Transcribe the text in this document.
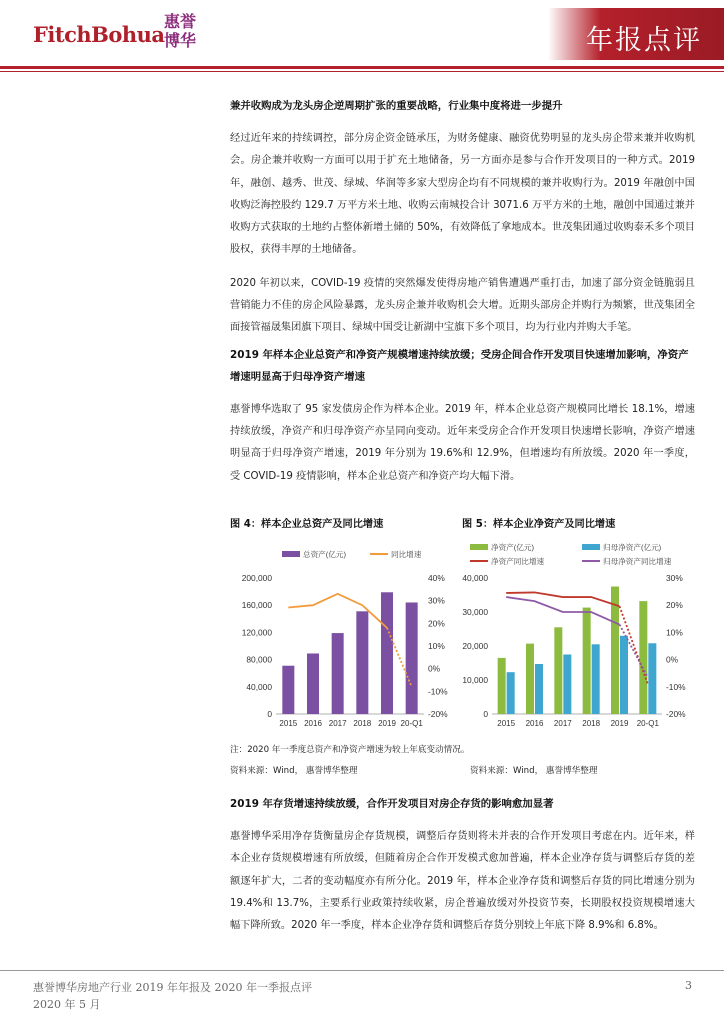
FitchBohua
惠誉
博华	年报点评
兼并收购成为龙头房企逆周期扩张的重要战略，行业集中度将进一步提升

经过近年来的持续调控，部分房企资金链承压，为财务健康、融资优势明显的龙头房企带来兼并收购机会。房企兼并收购一方面可以用于扩充土地储备，另一方面亦是参与合作开发项目的一种方式。2019 年，融创、越秀、世茂、绿城、华润等多家大型房企均有不同规模的兼并收购行为。2019 年融创中国收购泛海控股约 129.7 万平方米土地、收购云南城投合计 3071.6 万平方米的土地，融创中国通过兼并收购方式获取的土地约占整体新增土储的 50%，有效降低了拿地成本。世茂集团通过收购泰禾多个项目股权，获得丰厚的土地储备。

2020 年初以来，COVID-19 疫情的突然爆发使得房地产销售遭遇严重打击，加速了部分资金链脆弱且营销能力不佳的房企风险暴露，龙头房企兼并收购机会大增。近期头部房企并购行为频繁，世茂集团全面接管福晟集团旗下项目、绿城中国受让新湖中宝旗下多个项目，均为行业内并购大手笔。

2019 年样本企业总资产和净资产规模增速持续放缓；受房企间合作开发项目快速增加影响，净资产增速明显高于归母净资产增速

惠誉博华选取了 95 家发债房企作为样本企业。2019 年，样本企业总资产规模同比增长 18.1%，增速持续放缓，净资产和归母净资产亦呈同向变动。近年来受房企合作开发项目快速增长影响，净资产增速明显高于归母净资产增速，2019 年分别为 19.6%和 12.9%，但增速均有所放缓。2020 年一季度，受 COVID-19 疫情影响，样本企业总资产和净资产均大幅下滑。

图 4：样本企业总资产及同比增速	图 5：样本企业净资产及同比增速
总资产(亿元)	同比增速
0
40,000
80,000
120,000
160,000
200,000
-20%
-10%
0%
10%
20%
30%
40%
2015 2016 2017 2018 2019 20-Q1
净资产(亿元)	归母净资产(亿元)
净资产同比增速	归母净资产同比增速
0
10,000
20,000
30,000
40,000
-20%
-10%
0%
10%
20%
30%
2015 2016 2017 2018 2019 20-Q1
注：2020 年一季度总资产和净资产增速为较上年底变动情况。
资料来源：Wind， 惠誉博华整理	资料来源：Wind， 惠誉博华整理
2019 年存货增速持续放缓，合作开发项目对房企存货的影响愈加显著

惠誉博华采用净存货衡量房企存货规模，调整后存货则将未并表的合作开发项目考虑在内。近年来，样本企业存货规模增速有所放缓，但随着房企合作开发模式愈加普遍，样本企业净存货与调整后存货的差额逐年扩大，二者的变动幅度亦有所分化。2019 年，样本企业净存货和调整后存货的同比增速分别为 19.4%和 13.7%，主要系行业政策持续收紧，房企普遍放缓对外投资节奏，长期股权投资规模增速大幅下降所致。2020 年一季度，样本企业净存货和调整后存货分别较上年底下降 8.9%和 6.8%。

惠誉博华房地产行业 2019 年年报及 2020 年一季报点评
2020 年 5 月
3
